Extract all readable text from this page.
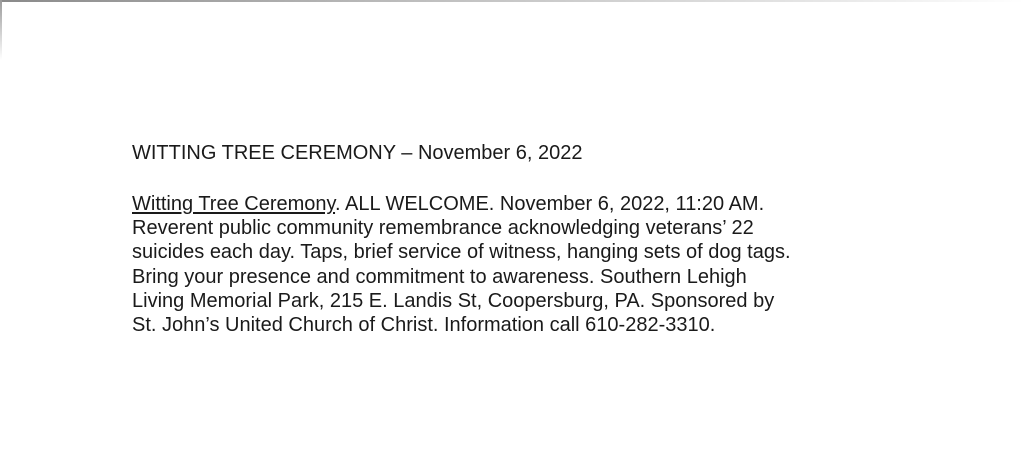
WITTING TREE CEREMONY – November 6, 2022
Witting Tree Ceremony. ALL WELCOME. November 6, 2022, 11:20 AM.
Reverent public community remembrance acknowledging veterans’ 22
suicides each day. Taps, brief service of witness, hanging sets of dog tags.
Bring your presence and commitment to awareness. Southern Lehigh
Living Memorial Park, 215 E. Landis St, Coopersburg, PA. Sponsored by
St. John’s United Church of Christ. Information call 610-282-3310.
